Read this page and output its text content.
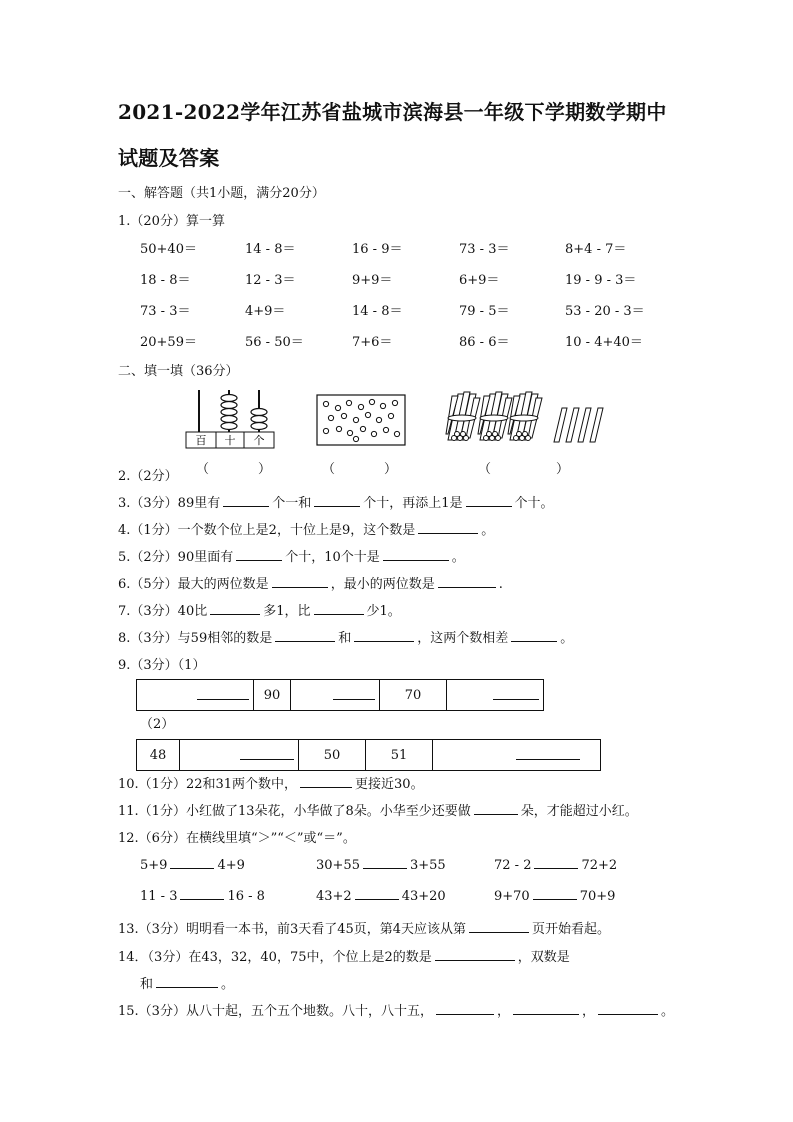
2021-2022学年江苏省盐城市滨海县一年级下学期数学期中
试题及答案
一、解答题（共1小题，满分20分）
1.（20分）算一算
50+40＝	14 - 8＝	16 - 9＝	73 - 3＝	8+4 - 7＝
18 - 8＝	12 - 3＝	9+9＝	6+9＝	19 - 9 - 3＝
73 - 3＝	4+9＝	14 - 8＝	79 - 5＝	53 - 20 - 3＝
20+59＝	56 - 50＝	7+6＝	86 - 6＝	10 - 4+40＝
二、填一填（36分）
百 十 个
2.（2分） （	）	（	）	（	）
3.（3分）89里有	个一和	个十，再添上1是	个十。
4.（1分）一个数个位上是2，十位上是9，这个数是	。
5.（2分）90里面有	个十，10个十是	。
6.（5分）最大的两位数是	，最小的两位数是	.
7.（3分）40比	多1，比	少1。
8.（3分）与59相邻的数是	和	，这两个数相差	。
9.（3分）（1）
	90		70	
（2）
48		50	51	
10.（1分）22和31两个数中，	更接近30。
11.（1分）小红做了13朵花，小华做了8朵。小华至少还要做	朵，才能超过小红。
12.（6分）在横线里填“＞”“＜”或“＝”。
5+9	4+9	30+55	3+55	72 - 2	72+2
11 - 3	16 - 8	43+2	43+20	9+70	70+9
13.（3分）明明看一本书，前3天看了45页，第4天应该从第	页开始看起。
14．（3分）在43，32，40，75中，个位上是2的数是	，双数是
和	。
15.（3分）从八十起，五个五个地数。八十，八十五，	，	，	。
